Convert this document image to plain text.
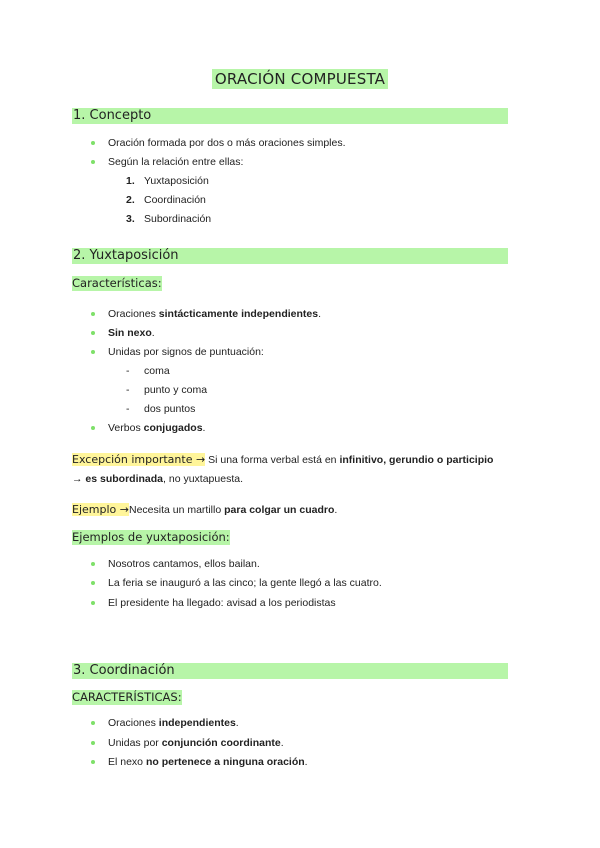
ORACIÓN COMPUESTA
1. Concepto
Oración formada por dos o más oraciones simples.
Según la relación entre ellas:
1. Yuxtaposición
2. Coordinación
3. Subordinación
2. Yuxtaposición
Características:
Oraciones sintácticamente independientes.
Sin nexo.
Unidas por signos de puntuación:
- coma
- punto y coma
- dos puntos
Verbos conjugados.
Excepción importante → Si una forma verbal está en infinitivo, gerundio o participio
→ es subordinada, no yuxtapuesta.
Ejemplo →Necesita un martillo para colgar un cuadro.
Ejemplos de yuxtaposición:
Nosotros cantamos, ellos bailan.
La feria se inauguró a las cinco; la gente llegó a las cuatro.
El presidente ha llegado: avisad a los periodistas
3. Coordinación
CARACTERÍSTICAS:
Oraciones independientes.
Unidas por conjunción coordinante.
El nexo no pertenece a ninguna oración.
